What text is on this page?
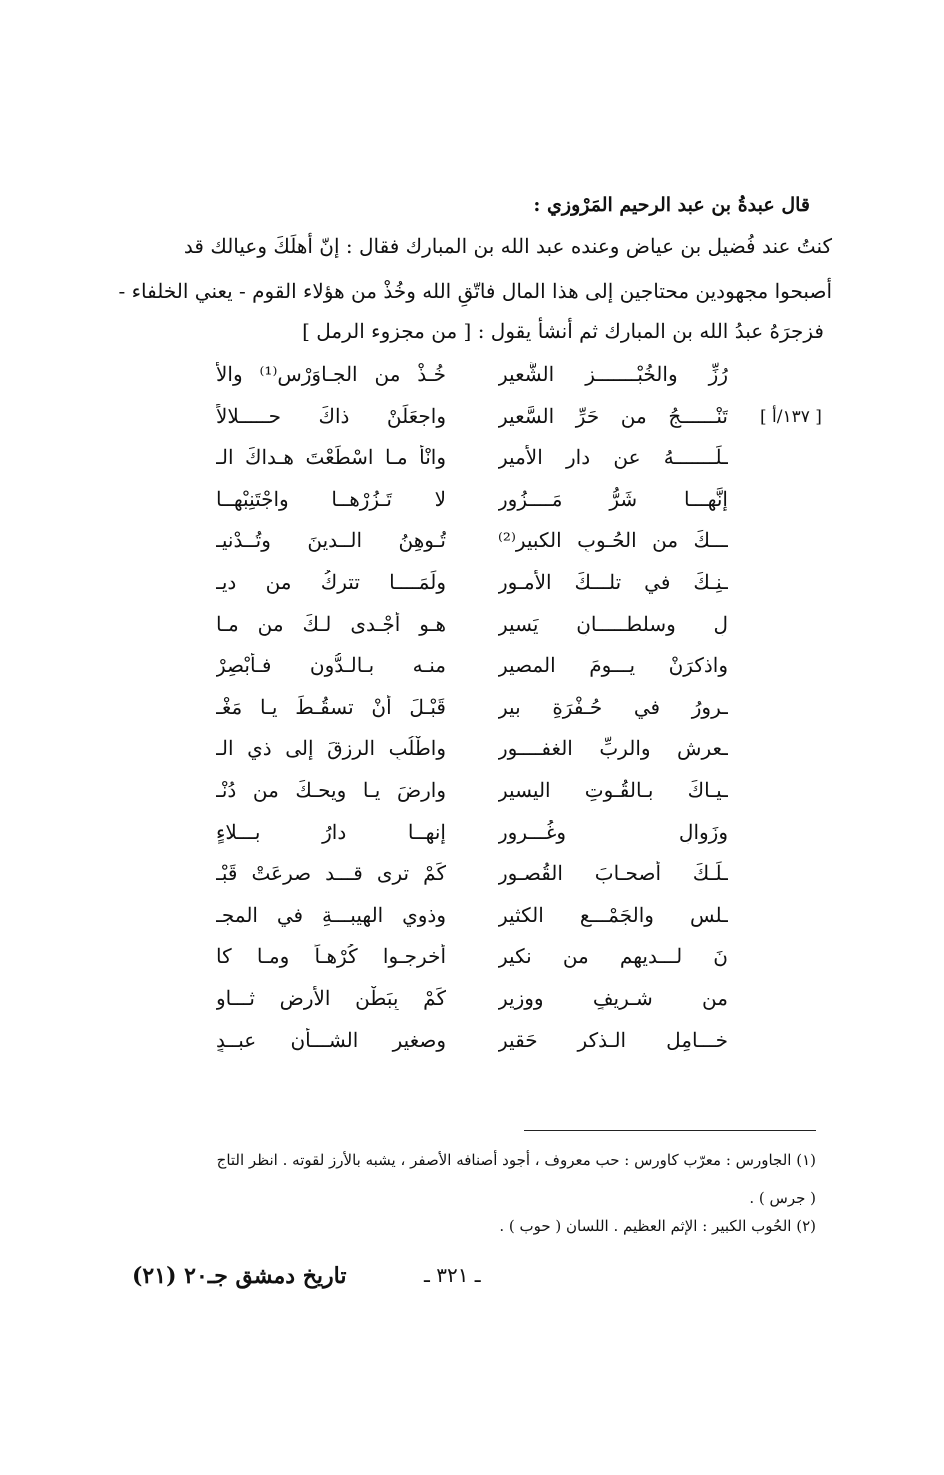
قال عبدةُ بن عبد الرحيم المَرْوزي :
كنتُ عند فُضيل بن عياض وعنده عبد الله بن المبارك فقال : إنّ أهلَكَ وعيالك قد
أصبحوا مجهودين محتاجين إلى هذا المال فاتّقِ الله وخُذْ من هؤلاء القوم - يعني الخلفاء -
فزجرَهُ عبدُ الله بن المبارك ثم أنشأ يقول : [ من مجزوء الرمل ]
[ ١٣٧/أ ]
خُـذْ من الجـاوَرْس⁽¹⁾ والأُ	رُزِّ والخُبْـــــــزِ الشَّعيرِ
واجعَلَنْ ذاكَ حـــــلالاً	تَنْــــــجُ من حَرِّ السَّعيرِ
وانْأَ مـا اسْطَعْتَ هـداكَ الـ	ـلَـــــــهُ عن دارِ الأَميرِ
لا تَـزُرْهــا واجْتَنِبْهــا	إِنَّهـــا شَرُّ مَــــزُورِ
تُـوهِنُ الــدينَ وتُــدْنيـ	ـــكَ من الحُـوبِ الكبيرِ⁽²⁾
ولَمَــــا تتركُ من ديـ	ـنِـكَ في تلـــكَ الأمـورِ
هـو أجْـدى لـكَ من مـا	لٍ وسلطـــــانٍ يَسيرِ
منـه بـالـدُّونِ فـأَبْصِرْ	واذكرَنْ يـــومَ المصيرِ
قَبْـلَ أنْ تسقُـطَ يـا مَغْـ	ـرورُ في حُـفْرَةِ بيرِ
واطْلُبِ الرزقَ إلى ذي الـ	ـعرشِ والربِّ الغفــــورِ
وارضَ يـا ويحـكَ من دُنْـ	ـيـاكَ بـالقُـوتِ اليسيرِ
إنهــا دارُ بـــلاءٍ	وزَوالٍ وغُـــرورِ
كَمْ ترى قـــد صرعَتْ قَبْـ	ـلَـكَ أصحـابَ القُصـورِ
وذوي الهيبـــةِ في المجـ	ـلسِ والجَمْـــعِ الكثيرِ
أُخرجـوا كُرْهـاً ومـا كا	نَ لـــديهم من نكيرِ
كَمْ بِبَطْنِ الأرضِ ثـــاوٍ	من شـريفٍ ووزيرِ
وصغيرِ الشـــأنِ عبــدٍ	خـــامِلِ الـذكرِ حَقيرِ
(١) الجاورس : معرّب كاورس : حب معروف ، أجود أصنافه الأصفر ، يشبه بالأرز لقوته . انظر التاج
( جرس ) .
(٢) الحُوب الكبير : الإثم العظيم . اللسان ( حوب ) .
ـ ٣٢١ ـ
تاريخ دمشق جـ٢٠ (٢١)
